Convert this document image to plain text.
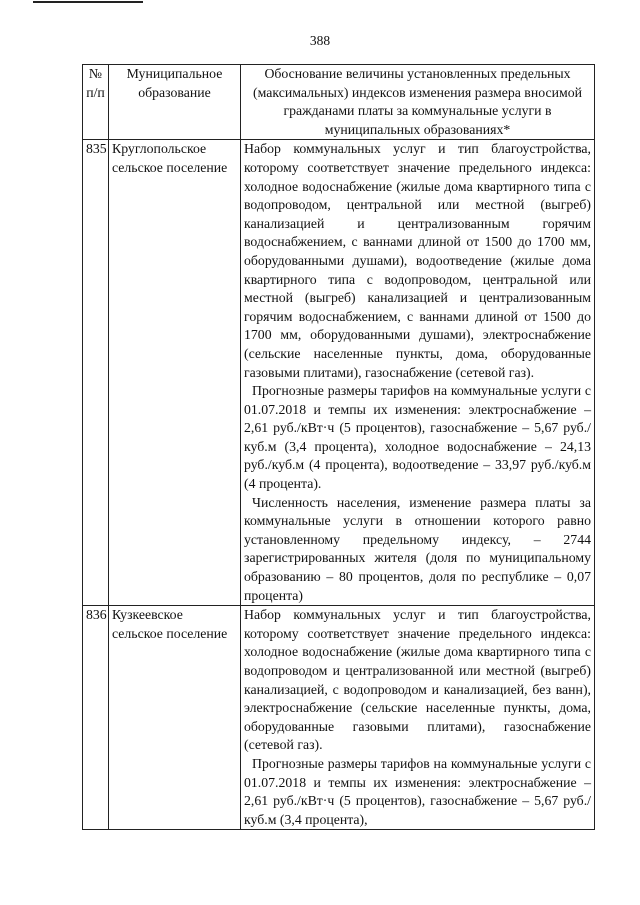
388
№ п/п	Муниципальное образование	Обоснование величины установленных предельных (максимальных) индексов изменения размера вносимой гражданами платы за коммунальные услуги в муниципальных образованиях*
835	Круглопольское сельское поселение	Набор коммунальных услуг и тип благоустройства, которому соответствует значение предельного индекса: холодное водоснабжение (жилые дома квартирного типа с водопроводом, центральной или местной (выгреб) канализацией и централизованным горячим водоснабжением, с ваннами длиной от 1500 до 1700 мм, оборудованными душами), водоотведение (жилые дома квартирного типа с водопроводом, центральной или местной (выгреб) канализацией и централизованным горячим водоснабжением, с ваннами длиной от 1500 до 1700 мм, оборудованными душами), электроснабжение (сельские населенные пункты, дома, оборудованные газовыми плитами), газоснабжение (сетевой газ).

Прогнозные размеры тарифов на коммунальные услуги с 01.07.2018 и темпы их изменения: электроснабжение – 2,61 руб./кВт·ч (5 процентов), газоснабжение – 5,67 руб./куб.м (3,4 процента), холодное водоснабжение – 24,13 руб./куб.м (4 процента), водоотведение – 33,97 руб./куб.м (4 процента).

Численность населения, изменение размера платы за коммунальные услуги в отношении которого равно установленному предельному индексу, – 2744 зарегистрированных жителя (доля по муниципальному образованию – 80 процентов, доля по республике – 0,07 процента)

836	Кузкеевское сельское поселение	Набор коммунальных услуг и тип благоустройства, которому соответствует значение предельного индекса: холодное водоснабжение (жилые дома квартирного типа с водопроводом и централизованной или местной (выгреб) канализацией, с водопроводом и канализацией, без ванн), электроснабжение (сельские населенные пункты, дома, оборудованные газовыми плитами), газоснабжение (сетевой газ).

Прогнозные размеры тарифов на коммунальные услуги с 01.07.2018 и темпы их изменения: электроснабжение – 2,61 руб./кВт·ч (5 процентов), газоснабжение – 5,67 руб./куб.м (3,4 процента),
